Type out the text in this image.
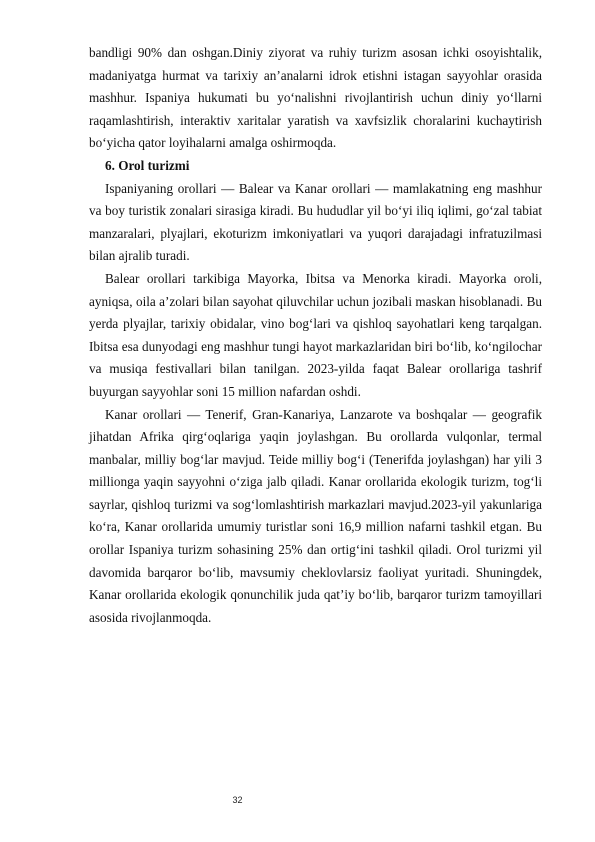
bandligi 90% dan oshgan.Diniy ziyorat va ruhiy turizm asosan ichki osoyishtalik, madaniyatga hurmat va tarixiy an’analarni idrok etishni istagan sayyohlar orasida mashhur. Ispaniya hukumati bu yo‘nalishni rivojlantirish uchun diniy yo‘llarni raqamlashtirish, interaktiv xaritalar yaratish va xavfsizlik choralarini kuchaytirish bo‘yicha qator loyihalarni amalga oshirmoqda.

6. Orol turizmi

Ispaniyaning orollari — Balear va Kanar orollari — mamlakatning eng mashhur va boy turistik zonalari sirasiga kiradi. Bu hududlar yil bo‘yi iliq iqlimi, go‘zal tabiat manzaralari, plyajlari, ekoturizm imkoniyatlari va yuqori darajadagi infratuzilmasi bilan ajralib turadi.

Balear orollari tarkibiga Mayorka, Ibitsa va Menorka kiradi. Mayorka oroli, ayniqsa, oila a’zolari bilan sayohat qiluvchilar uchun jozibali maskan hisoblanadi. Bu yerda plyajlar, tarixiy obidalar, vino bog‘lari va qishloq sayohatlari keng tarqalgan. Ibitsa esa dunyodagi eng mashhur tungi hayot markazlaridan biri bo‘lib, ko‘ngilochar va musiqa festivallari bilan tanilgan. 2023-yilda faqat Balear orollariga tashrif buyurgan sayyohlar soni 15 million nafardan oshdi.

Kanar orollari — Tenerif, Gran-Kanariya, Lanzarote va boshqalar — geografik jihatdan Afrika qirg‘oqlariga yaqin joylashgan. Bu orollarda vulqonlar, termal manbalar, milliy bog‘lar mavjud. Teide milliy bog‘i (Tenerifda joylashgan) har yili 3 millionga yaqin sayyohni o‘ziga jalb qiladi. Kanar orollarida ekologik turizm, tog‘li sayrlar, qishloq turizmi va sog‘lomlashtirish markazlari mavjud.2023-yil yakunlariga ko‘ra, Kanar orollarida umumiy turistlar soni 16,9 million nafarni tashkil etgan. Bu orollar Ispaniya turizm sohasining 25% dan ortig‘ini tashkil qiladi. Orol turizmi yil davomida barqaror bo‘lib, mavsumiy cheklovlarsiz faoliyat yuritadi. Shuningdek, Kanar orollarida ekologik qonunchilik juda qat’iy bo‘lib, barqaror turizm tamoyillari asosida rivojlanmoqda.

32
